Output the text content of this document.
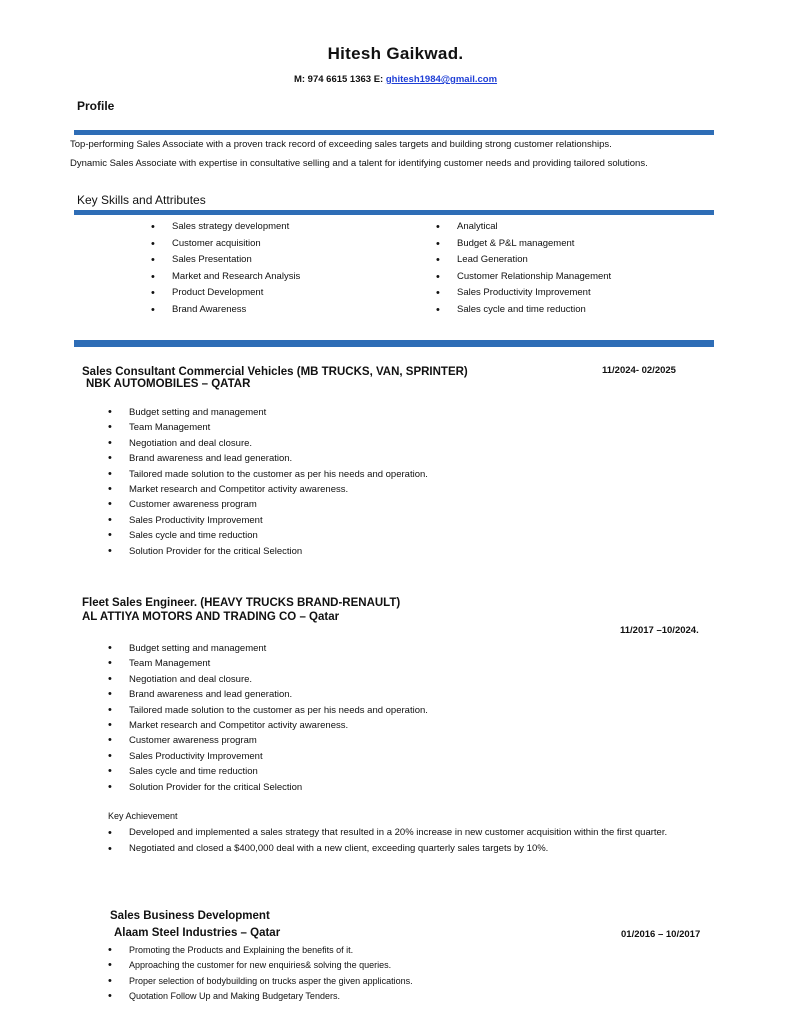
Hitesh Gaikwad.
M: 974 6615 1363 E: ghitesh1984@gmail.com
Profile
Top-performing Sales Associate with a proven track record of exceeding sales targets and building strong customer relationships.
Dynamic Sales Associate with expertise in consultative selling and a talent for identifying customer needs and providing tailored solutions.
Key Skills and Attributes
• Sales strategy development
• Customer acquisition
• Sales Presentation
• Market and Research Analysis
• Product Development
• Brand Awareness
• Analytical
• Budget & P&L management
• Lead Generation
• Customer Relationship Management
• Sales Productivity Improvement
• Sales cycle and time reduction
Sales Consultant Commercial Vehicles (MB TRUCKS, VAN, SPRINTER)
NBK AUTOMOBILES – QATAR
11/2024- 02/2025
• Budget setting and management
• Team Management
• Negotiation and deal closure.
• Brand awareness and lead generation.
• Tailored made solution to the customer as per his needs and operation.
• Market research and Competitor activity awareness.
• Customer awareness program
• Sales Productivity Improvement
• Sales cycle and time reduction
• Solution Provider for the critical Selection
Fleet Sales Engineer. (HEAVY TRUCKS BRAND-RENAULT)
AL ATTIYA MOTORS AND TRADING CO – Qatar
11/2017 –10/2024.
• Budget setting and management
• Team Management
• Negotiation and deal closure.
• Brand awareness and lead generation.
• Tailored made solution to the customer as per his needs and operation.
• Market research and Competitor activity awareness.
• Customer awareness program
• Sales Productivity Improvement
• Sales cycle and time reduction
• Solution Provider for the critical Selection
Key Achievement
• Developed and implemented a sales strategy that resulted in a 20% increase in new customer acquisition within the first quarter.
• Negotiated and closed a $400,000 deal with a new client, exceeding quarterly sales targets by 10%.
Sales Business Development
Alaam Steel Industries – Qatar	01/2016 – 10/2017
• Promoting the Products and Explaining the benefits of it.
• Approaching the customer for new enquiries& solving the queries.
• Proper selection of bodybuilding on trucks asper the given applications.
• Quotation Follow Up and Making Budgetary Tenders.
